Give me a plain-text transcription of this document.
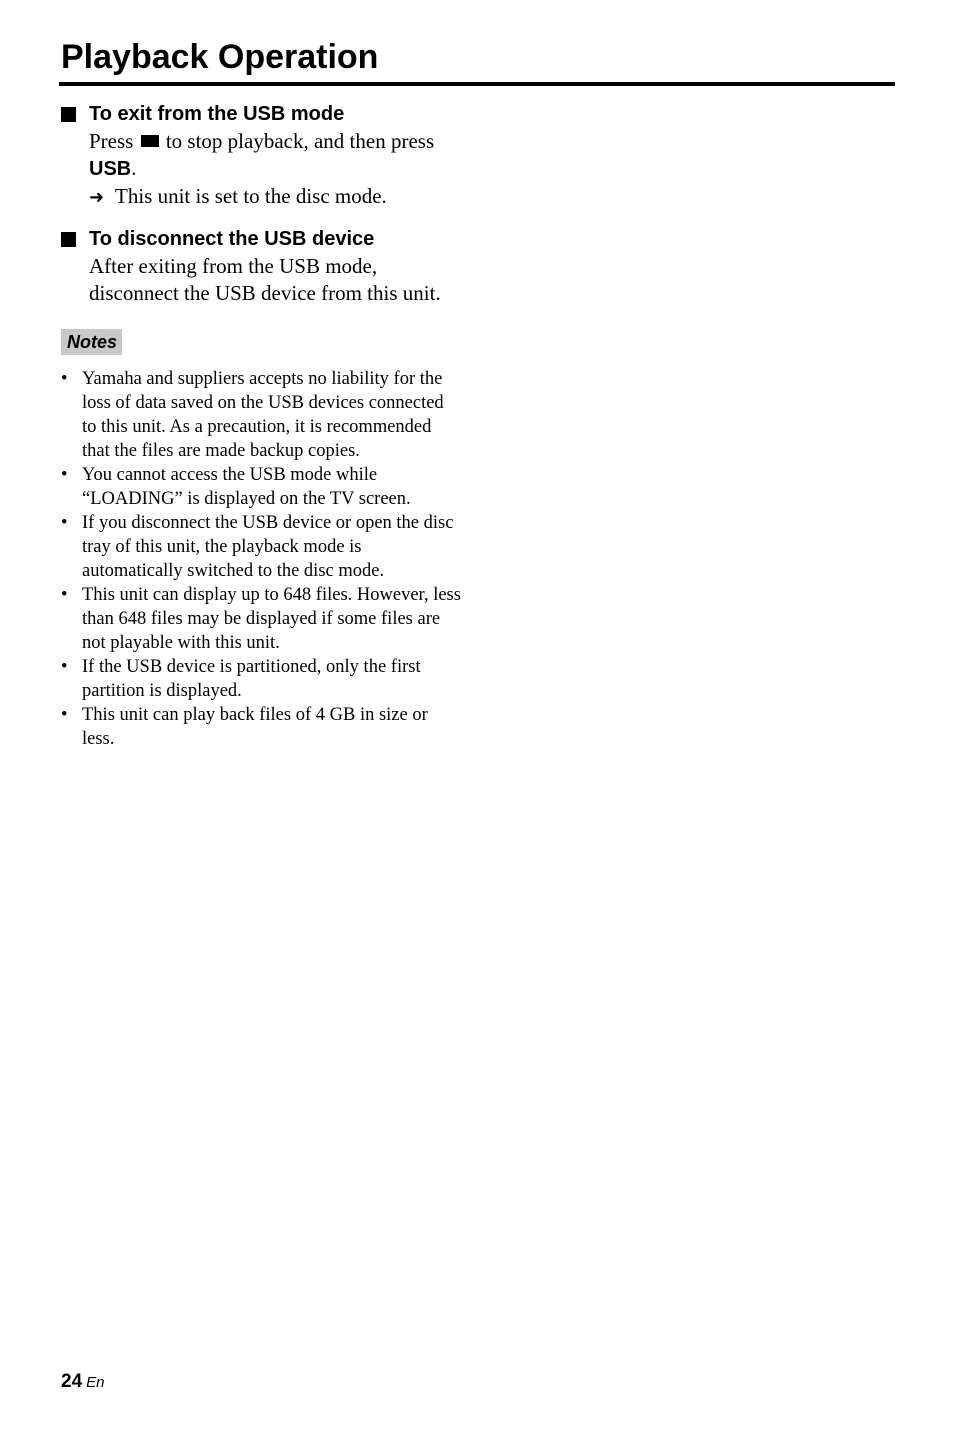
Playback Operation
To exit from the USB mode

Press  to stop playback, and then press USB.

➜ This unit is set to the disc mode.

To disconnect the USB device

After exiting from the USB mode, disconnect the USB device from this unit.

Notes
• Yamaha and suppliers accepts no liability for the loss of data saved on the USB devices connected to this unit. As a precaution, it is recommended that the files are made backup copies.
• You cannot access the USB mode while “LOADING” is displayed on the TV screen.
• If you disconnect the USB device or open the disc tray of this unit, the playback mode is automatically switched to the disc mode.
• This unit can display up to 648 files. However, less than 648 files may be displayed if some files are not playable with this unit.
• If the USB device is partitioned, only the first partition is displayed.
• This unit can play back files of 4 GB in size or less.
24 En
